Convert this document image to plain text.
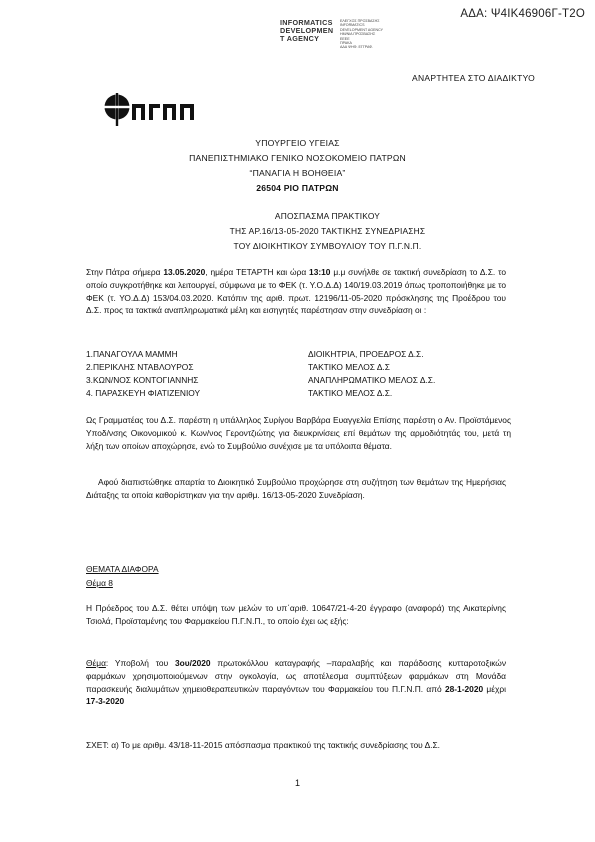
ΑΔΑ: Ψ4ΙΚ46906Γ-Τ2Ο
INFORMATICS
DEVELOPMEN
T AGENCY
ΕΛΕΓΧΟΣ ΠΡΟΣΒΑΣΗΣ
INFORMATICS
DEVELOPMENT AGENCY
ΗΜ/ΝΙΑ ΠΡΟΣΒΑΣΗΣ
ΕΕΕΕ
ΠΡΑΚΑ
ΑΔΑ ΨΗΦ. ΕΓΓΡΑΦ.
ΑΝΑΡΤΗΤΕΑ ΣΤΟ ΔΙΑΔΙΚΤΥΟ
ΥΠΟΥΡΓΕΙΟ ΥΓΕΙΑΣ
ΠΑΝΕΠΙΣΤΗΜΙΑΚΟ ΓΕΝΙΚΟ ΝΟΣΟΚΟΜΕΙΟ ΠΑΤΡΩΝ
“ΠΑΝΑΓΙΑ Η ΒΟΗΘΕΙΑ”
26504 ΡΙΟ ΠΑΤΡΩΝ
ΑΠΟΣΠΑΣΜΑ ΠΡΑΚΤΙΚΟΥ
ΤΗΣ ΑΡ.16/13-05-2020 ΤΑΚΤΙΚΗΣ ΣΥΝΕΔΡΙΑΣΗΣ
ΤΟΥ ΔΙΟΙΚΗΤΙΚΟΥ ΣΥΜΒΟΥΛΙΟΥ ΤΟΥ Π.Γ.Ν.Π.
Στην Πάτρα σήμερα 13.05.2020, ημέρα ΤΕΤΑΡΤΗ και ώρα 13:10 μ.μ συνήλθε σε τακτική συνεδρίαση το Δ.Σ. το οποίο συγκροτήθηκε και λειτουργεί, σύμφωνα με το ΦΕΚ (τ. Υ.Ο.Δ.Δ) 140/19.03.2019 όπως τροποποιήθηκε με το ΦΕΚ (τ. ΥΟ.Δ.Δ) 153/04.03.2020. Κατόπιν της αριθ. πρωτ. 12196/11-05-2020 πρόσκλησης της Προέδρου του Δ.Σ. προς τα τακτικά αναπληρωματικά μέλη και εισηγητές παρέστησαν στην συνεδρίαση οι :
1.ΠΑΝΑΓΟΥΛΑ ΜΑΜΜΗ	ΔΙΟΙΚΗΤΡΙΑ, ΠΡΟΕΔΡΟΣ Δ.Σ.
2.ΠΕΡΙΚΛΗΣ ΝΤΑΒΛΟΥΡΟΣ	ΤΑΚΤΙΚΟ ΜΕΛΟΣ Δ.Σ
3.ΚΩΝ/ΝΟΣ ΚΟΝΤΟΓΙΑΝΝΗΣ	ΑΝΑΠΛΗΡΩΜΑΤΙΚΟ ΜΕΛΟΣ Δ.Σ.
4. ΠΑΡΑΣΚΕΥΗ ΦΙΑΤΙΖΕΝΙΟΥ	ΤΑΚΤΙΚΟ ΜΕΛΟΣ Δ.Σ.
Ως Γραμματέας του Δ.Σ. παρέστη η υπάλληλος Συρίγου Βαρβάρα Ευαγγελία Επίσης παρέστη ο Αν. Προϊστάμενος Υποδ/νσης Οικονομικού κ. Κων/νος Γεροντζιώτης για διευκρινίσεις επί θεμάτων της αρμοδιότητάς του, μετά τη λήξη των οποίων αποχώρησε, ενώ το Συμβούλιο συνέχισε με τα υπόλοιπα θέματα.
Αφού διαπιστώθηκε απαρτία το Διοικητικό Συμβούλιο προχώρησε στη συζήτηση των θεμάτων της Ημερήσιας Διάταξης τα οποία καθορίστηκαν για την αριθμ. 16/13-05-2020 Συνεδρίαση.
ΘΕΜΑΤΑ ΔΙΑΦΟΡΑ
Θέμα 8
Η Πρόεδρος του Δ.Σ. θέτει υπόψη των μελών το υπ΄αριθ. 10647/21-4-20 έγγραφο (αναφορά) της Αικατερίνης Τσιολά, Προϊσταμένης του Φαρμακείου Π.Γ.Ν.Π., το οποίο έχει ως εξής:
Θέμα: Υποβολή του 3ου/2020 πρωτοκόλλου καταγραφής –παραλαβής και παράδοσης κυτταροτοξικών φαρμάκων χρησιμοποιούμενων στην ογκολογία, ως αποτέλεσμα συμπτύξεων φαρμάκων στη Μονάδα παρασκευής διαλυμάτων χημειοθεραπευτικών παραγόντων του Φαρμακείου του Π.Γ.Ν.Π. από 28-1-2020 μέχρι 17-3-2020
ΣΧΕΤ: α) Το με αριθμ. 43/18-11-2015 απόσπασμα πρακτικού της τακτικής συνεδρίασης του Δ.Σ.
1
